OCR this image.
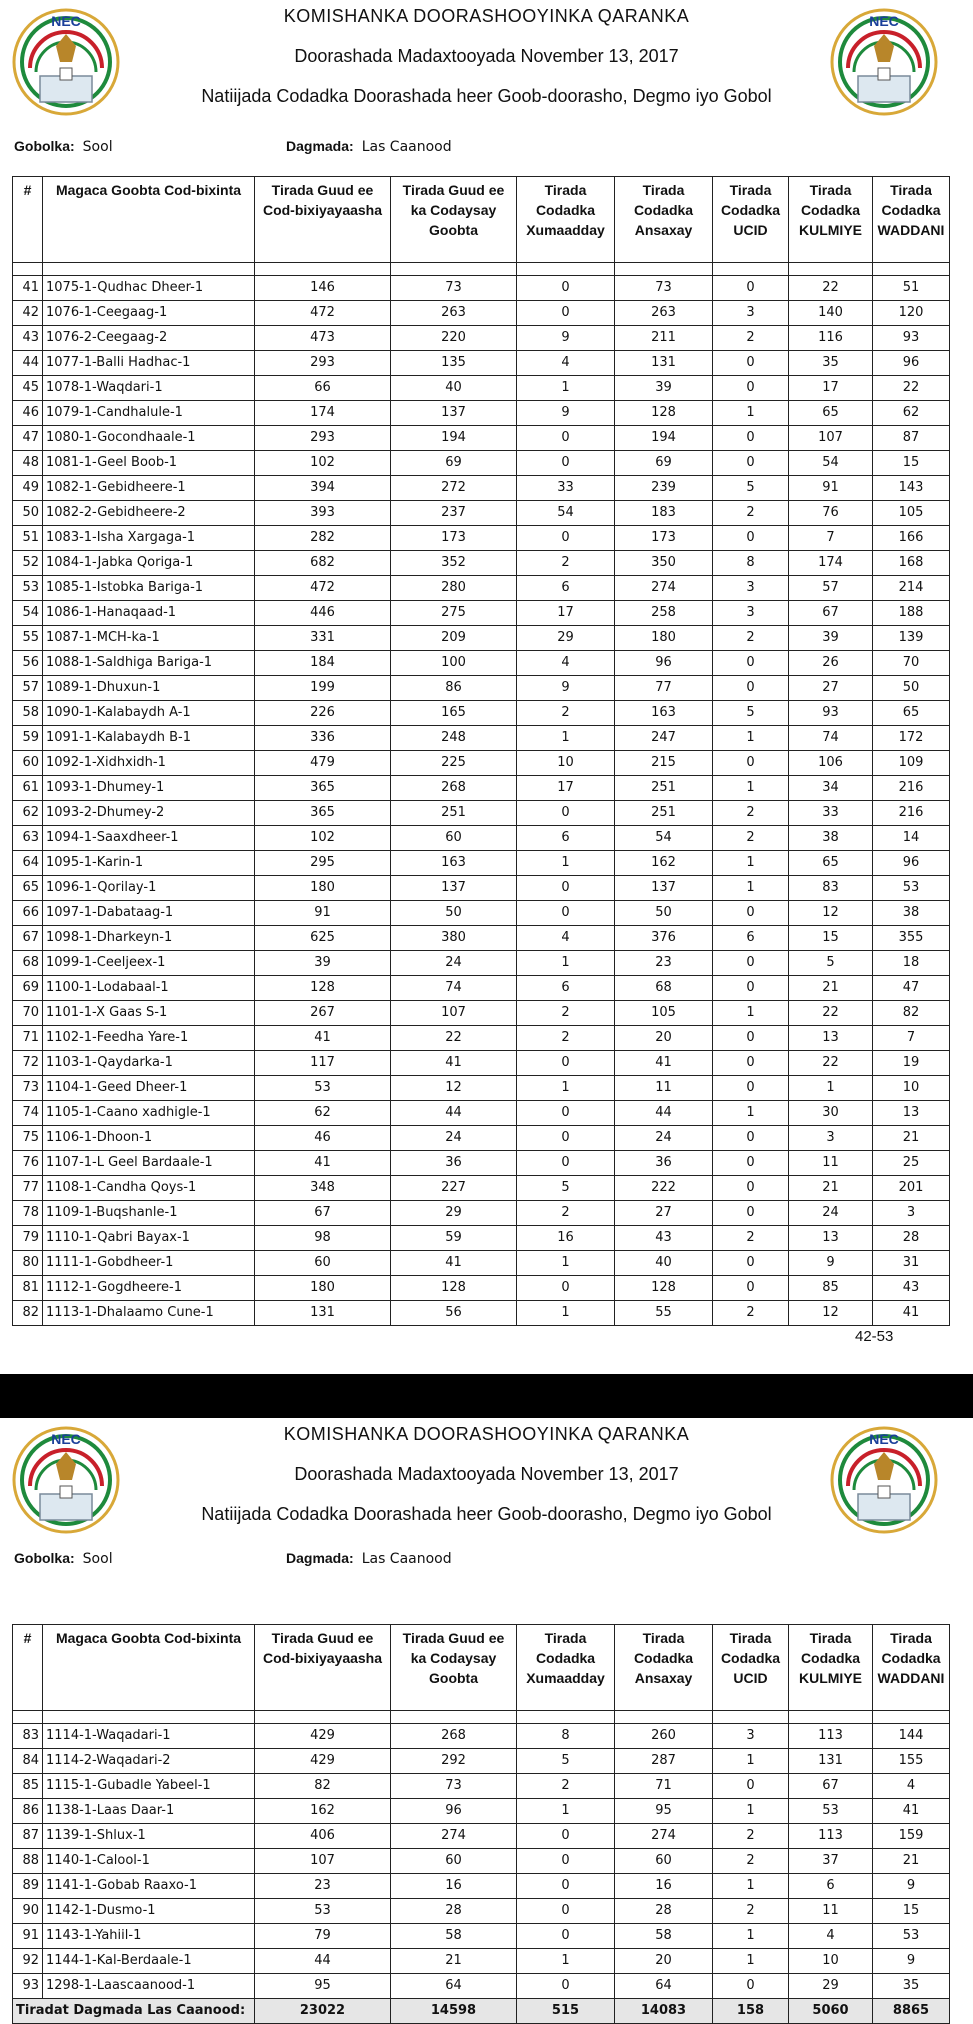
NEC	NEC
KOMISHANKA DOORASHOOYINKA QARANKA
Doorashada Madaxtooyada November 13, 2017
Natiijada Codadka Doorashada heer Goob-doorasho, Degmo iyo Gobol
Gobolka: Sool	Dagmada: Las Caanood
#	Magaca Goobta Cod-bixinta	Tirada Guud ee Cod-bixiyayaasha	Tirada Guud ee ka Codaysay Goobta	Tirada Codadka Xumaadday	Tirada Codadka Ansaxay	Tirada Codadka UCID	Tirada Codadka KULMIYE	Tirada Codadka WADDANI

41	1075-1-Qudhac Dheer-1	146	73	0	73	0	22	51
42	1076-1-Ceegaag-1	472	263	0	263	3	140	120
43	1076-2-Ceegaag-2	473	220	9	211	2	116	93
44	1077-1-Balli Hadhac-1	293	135	4	131	0	35	96
45	1078-1-Waqdari-1	66	40	1	39	0	17	22
46	1079-1-Candhalule-1	174	137	9	128	1	65	62
47	1080-1-Gocondhaale-1	293	194	0	194	0	107	87
48	1081-1-Geel Boob-1	102	69	0	69	0	54	15
49	1082-1-Gebidheere-1	394	272	33	239	5	91	143
50	1082-2-Gebidheere-2	393	237	54	183	2	76	105
51	1083-1-Isha Xargaga-1	282	173	0	173	0	7	166
52	1084-1-Jabka Qoriga-1	682	352	2	350	8	174	168
53	1085-1-Istobka Bariga-1	472	280	6	274	3	57	214
54	1086-1-Hanaqaad-1	446	275	17	258	3	67	188
55	1087-1-MCH-ka-1	331	209	29	180	2	39	139
56	1088-1-Saldhiga Bariga-1	184	100	4	96	0	26	70
57	1089-1-Dhuxun-1	199	86	9	77	0	27	50
58	1090-1-Kalabaydh A-1	226	165	2	163	5	93	65
59	1091-1-Kalabaydh B-1	336	248	1	247	1	74	172
60	1092-1-Xidhxidh-1	479	225	10	215	0	106	109
61	1093-1-Dhumey-1	365	268	17	251	1	34	216
62	1093-2-Dhumey-2	365	251	0	251	2	33	216
63	1094-1-Saaxdheer-1	102	60	6	54	2	38	14
64	1095-1-Karin-1	295	163	1	162	1	65	96
65	1096-1-Qorilay-1	180	137	0	137	1	83	53
66	1097-1-Dabataag-1	91	50	0	50	0	12	38
67	1098-1-Dharkeyn-1	625	380	4	376	6	15	355
68	1099-1-Ceeljeex-1	39	24	1	23	0	5	18
69	1100-1-Lodabaal-1	128	74	6	68	0	21	47
70	1101-1-X Gaas S-1	267	107	2	105	1	22	82
71	1102-1-Feedha Yare-1	41	22	2	20	0	13	7
72	1103-1-Qaydarka-1	117	41	0	41	0	22	19
73	1104-1-Geed Dheer-1	53	12	1	11	0	1	10
74	1105-1-Caano xadhigle-1	62	44	0	44	1	30	13
75	1106-1-Dhoon-1	46	24	0	24	0	3	21
76	1107-1-L Geel Bardaale-1	41	36	0	36	0	11	25
77	1108-1-Candha Qoys-1	348	227	5	222	0	21	201
78	1109-1-Buqshanle-1	67	29	2	27	0	24	3
79	1110-1-Qabri Bayax-1	98	59	16	43	2	13	28
80	1111-1-Gobdheer-1	60	41	1	40	0	9	31
81	1112-1-Gogdheere-1	180	128	0	128	0	85	43
82	1113-1-Dhalaamo Cune-1	131	56	1	55	2	12	41
42-53
NEC	NEC
KOMISHANKA DOORASHOOYINKA QARANKA
Doorashada Madaxtooyada November 13, 2017
Natiijada Codadka Doorashada heer Goob-doorasho, Degmo iyo Gobol
Gobolka: Sool	Dagmada: Las Caanood
#	Magaca Goobta Cod-bixinta	Tirada Guud ee Cod-bixiyayaasha	Tirada Guud ee ka Codaysay Goobta	Tirada Codadka Xumaadday	Tirada Codadka Ansaxay	Tirada Codadka UCID	Tirada Codadka KULMIYE	Tirada Codadka WADDANI

83	1114-1-Waqadari-1	429	268	8	260	3	113	144
84	1114-2-Waqadari-2	429	292	5	287	1	131	155
85	1115-1-Gubadle Yabeel-1	82	73	2	71	0	67	4
86	1138-1-Laas Daar-1	162	96	1	95	1	53	41
87	1139-1-Shlux-1	406	274	0	274	2	113	159
88	1140-1-Calool-1	107	60	0	60	2	37	21
89	1141-1-Gobab Raaxo-1	23	16	0	16	1	6	9
90	1142-1-Dusmo-1	53	28	0	28	2	11	15
91	1143-1-Yahiil-1	79	58	0	58	1	4	53
92	1144-1-Kal-Berdaale-1	44	21	1	20	1	10	9
93	1298-1-Laascaanood-1	95	64	0	64	0	29	35
Tiradat Dagmada Las Caanood:		23022	14598	515	14083	158	5060	8865
